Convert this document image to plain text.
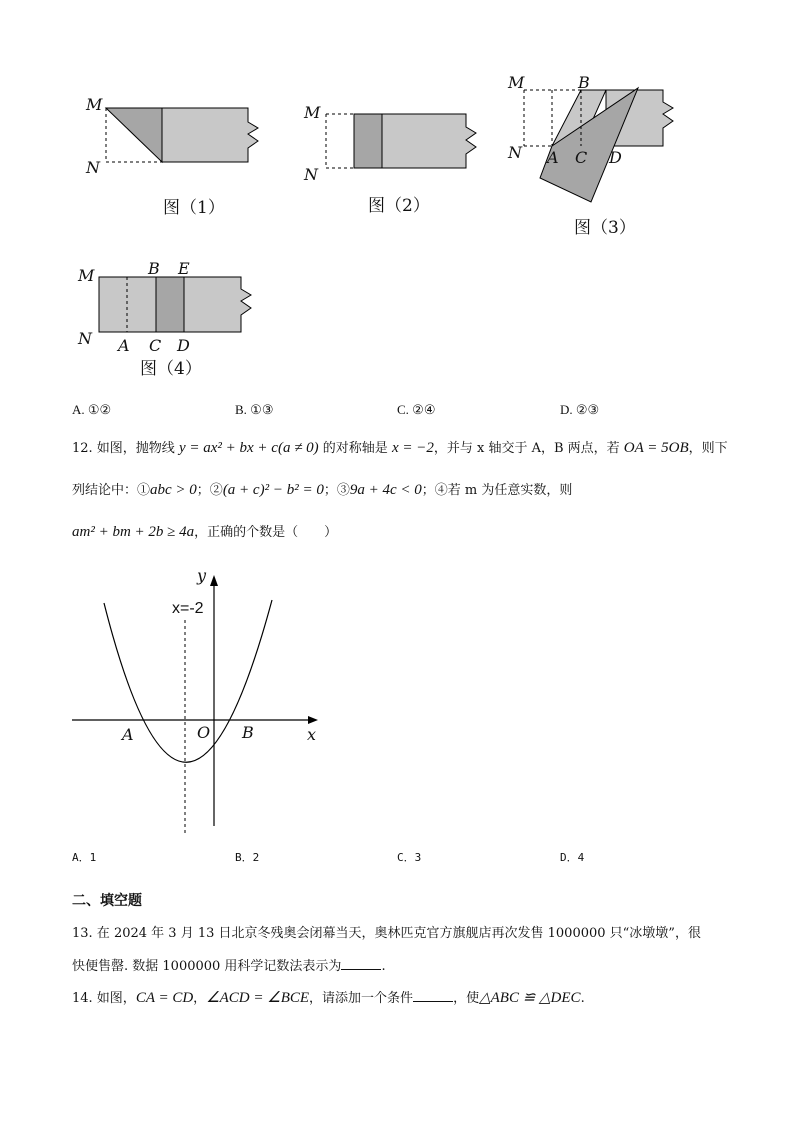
M
N
图（1）
M
N
图（2）
M	B
N A C D
图（3）
M	B E
N A C D
图（4）
A. ①②	B. ①③	C. ②④	D. ②③
12. 如图，抛物线 y = ax² + bx + c(a ≠ 0) 的对称轴是 x = −2，并与 x 轴交于 A，B 两点，若 OA = 5OB，则下
列结论中：①abc > 0；②(a + c)² − b² = 0；③9a + 4c < 0；④若 m 为任意实数，则
am² + bm + 2b ≥ 4a，正确的个数是（　　）
y
x
x=-2
O
A	B
A．1	B．2	C．3	D．4
二、填空题
13. 在 2024 年 3 月 13 日北京冬残奥会闭幕当天，奥林匹克官方旗舰店再次发售 1000000 只“冰墩墩”，很
快便售罄. 数据 1000000 用科学记数法表示为	.
14. 如图，CA = CD，∠ACD = ∠BCE，请添加一个条件	，使△ABC ≌ △DEC.
